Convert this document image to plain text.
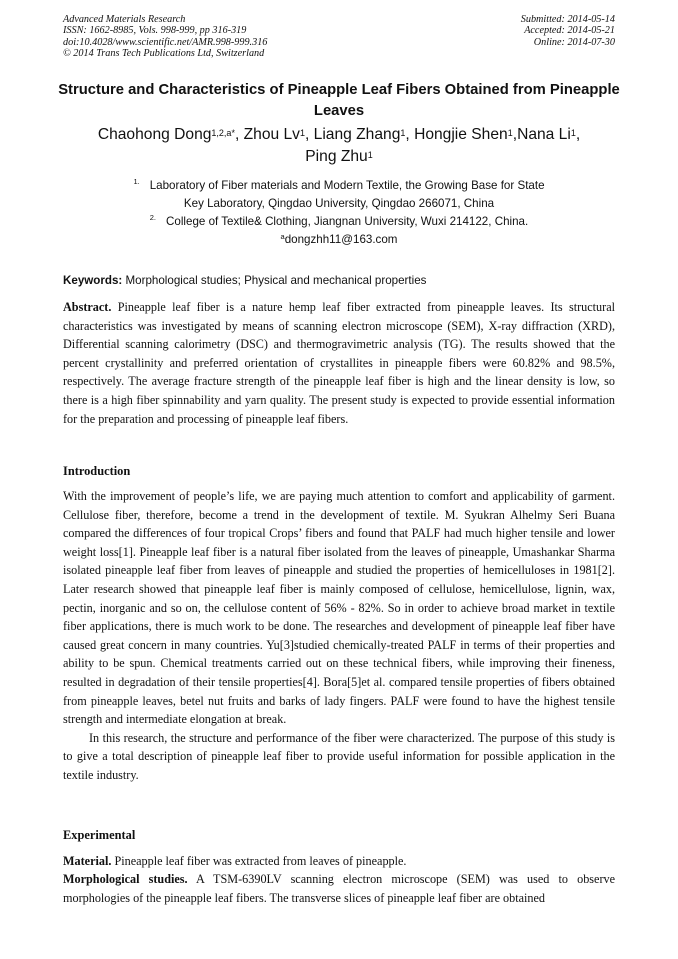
Advanced Materials Research
ISSN: 1662-8985, Vols. 998-999, pp 316-319
doi:10.4028/www.scientific.net/AMR.998-999.316
© 2014 Trans Tech Publications Ltd, Switzerland
Submitted: 2014-05-14
Accepted: 2014-05-21
Online: 2014-07-30
Structure and Characteristics of Pineapple Leaf Fibers Obtained from Pineapple Leaves
Chaohong Dong$^{1,2,a*}$, Zhou Lv$^1$, Liang Zhang$^1$, Hongjie Shen$^1$,Nana Li$^1$,
Ping Zhu$^1$
$^{1.}$ Laboratory of Fiber materials and Modern Textile, the Growing Base for State
Key Laboratory, Qingdao University, Qingdao 266071, China
$^{2.}$ College of Textile& Clothing, Jiangnan University, Wuxi 214122, China.
$^a$dongzhh11@163.com
Keywords: Morphological studies; Physical and mechanical properties
Abstract. Pineapple leaf fiber is a nature hemp leaf fiber extracted from pineapple leaves. Its structural characteristics was investigated by means of scanning electron microscope (SEM), X-ray diffraction (XRD), Differential scanning calorimetry (DSC) and thermogravimetric analysis (TG). The results showed that the percent crystallinity and preferred orientation of crystallites in pineapple fibers were 60.82% and 98.5%, respectively. The average fracture strength of the pineapple leaf fiber is high and the linear density is low, so there is a high fiber spinnability and yarn quality. The present study is expected to provide essential information for the preparation and processing of pineapple leaf fibers.
Introduction

With the improvement of people’s life, we are paying much attention to comfort and applicability of garment. Cellulose fiber, therefore, become a trend in the development of textile. M. Syukran Alhelmy Seri Buana compared the differences of four tropical Crops’ fibers and found that PALF had much higher tensile and lower weight loss[1]. Pineapple leaf fiber is a natural fiber isolated from the leaves of pineapple, Umashankar Sharma isolated pineapple leaf fiber from leaves of pineapple and studied the properties of hemicelluloses in 1981[2]. Later research showed that pineapple leaf fiber is mainly composed of cellulose, hemicellulose, lignin, wax, pectin, inorganic and so on, the cellulose content of 56% - 82%. So in order to achieve broad market in textile fiber applications, there is much work to be done. The researches and development of pineapple leaf fiber have caused great concern in many countries. Yu[3]studied chemically-treated PALF in terms of their properties and ability to be spun. Chemical treatments carried out on these technical fibers, while improving their fineness, resulted in degradation of their tensile properties[4]. Bora[5]et al. compared tensile properties of fibers obtained from pineapple leaves, betel nut fruits and barks of lady fingers. PALF were found to have the highest tensile strength and intermediate elongation at break.

In this research, the structure and performance of the fiber were characterized. The purpose of this study is to give a total description of pineapple leaf fiber to provide useful information for possible application in the textile industry.

Experimental
Material. Pineapple leaf fiber was extracted from leaves of pineapple.
Morphological studies. A TSM-6390LV scanning electron microscope (SEM) was used to observe morphologies of the pineapple leaf fibers. The transverse slices of pineapple leaf fiber are obtained
